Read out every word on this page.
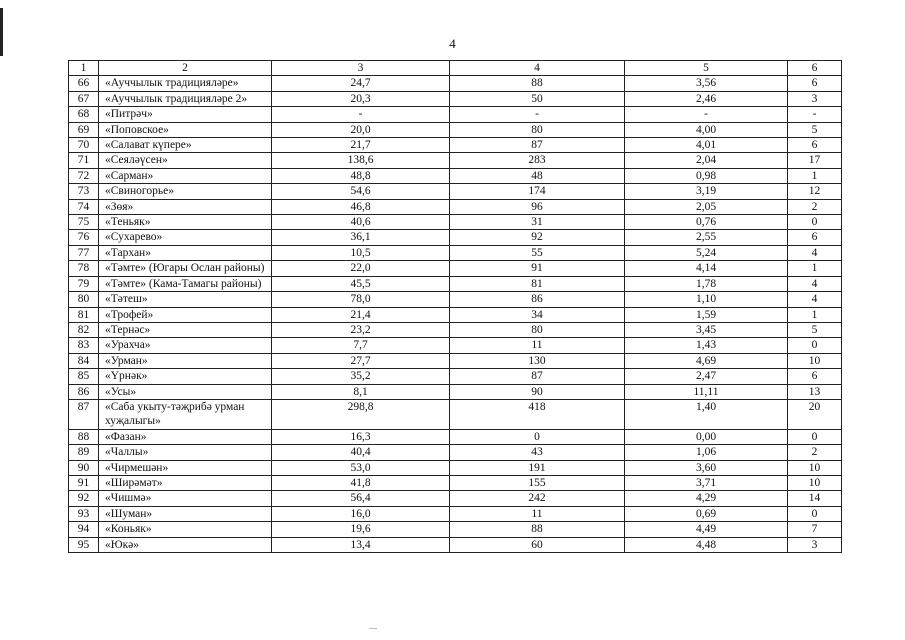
4
1	2	3	4	5	6
66	«Ауччылык традицияләре»	24,7	88	3,56	6
67	«Ауччылык традицияләре 2»	20,3	50	2,46	3
68	«Питрәч»	-	-	-	-
69	«Поповское»	20,0	80	4,00	5
70	«Салават күпере»	21,7	87	4,01	6
71	«Сеяләүсен»	138,6	283	2,04	17
72	«Сарман»	48,8	48	0,98	1
73	«Свиногорье»	54,6	174	3,19	12
74	«Зөя»	46,8	96	2,05	2
75	«Теньяк»	40,6	31	0,76	0
76	«Сухарево»	36,1	92	2,55	6
77	«Тархан»	10,5	55	5,24	4
78	«Тәмте» (Югары Ослан районы)	22,0	91	4,14	1
79	«Тәмте» (Кама-Тамагы районы)	45,5	81	1,78	4
80	«Тәтеш»	78,0	86	1,10	4
81	«Трофей»	21,4	34	1,59	1
82	«Тернәс»	23,2	80	3,45	5
83	«Урахча»	7,7	11	1,43	0
84	«Урман»	27,7	130	4,69	10
85	«Үрнәк»	35,2	87	2,47	6
86	«Усы»	8,1	90	11,11	13
87	«Саба укыту-тәҗрибә урман хуҗалыгы»	298,8	418	1,40	20
88	«Фазан»	16,3	0	0,00	0
89	«Чаллы»	40,4	43	1,06	2
90	«Чирмешән»	53,0	191	3,60	10
91	«Ширәмәт»	41,8	155	3,71	10
92	«Чишмә»	56,4	242	4,29	14
93	«Шуман»	16,0	11	0,69	0
94	«Коньяк»	19,6	88	4,49	7
95	«Юкә»	13,4	60	4,48	3
